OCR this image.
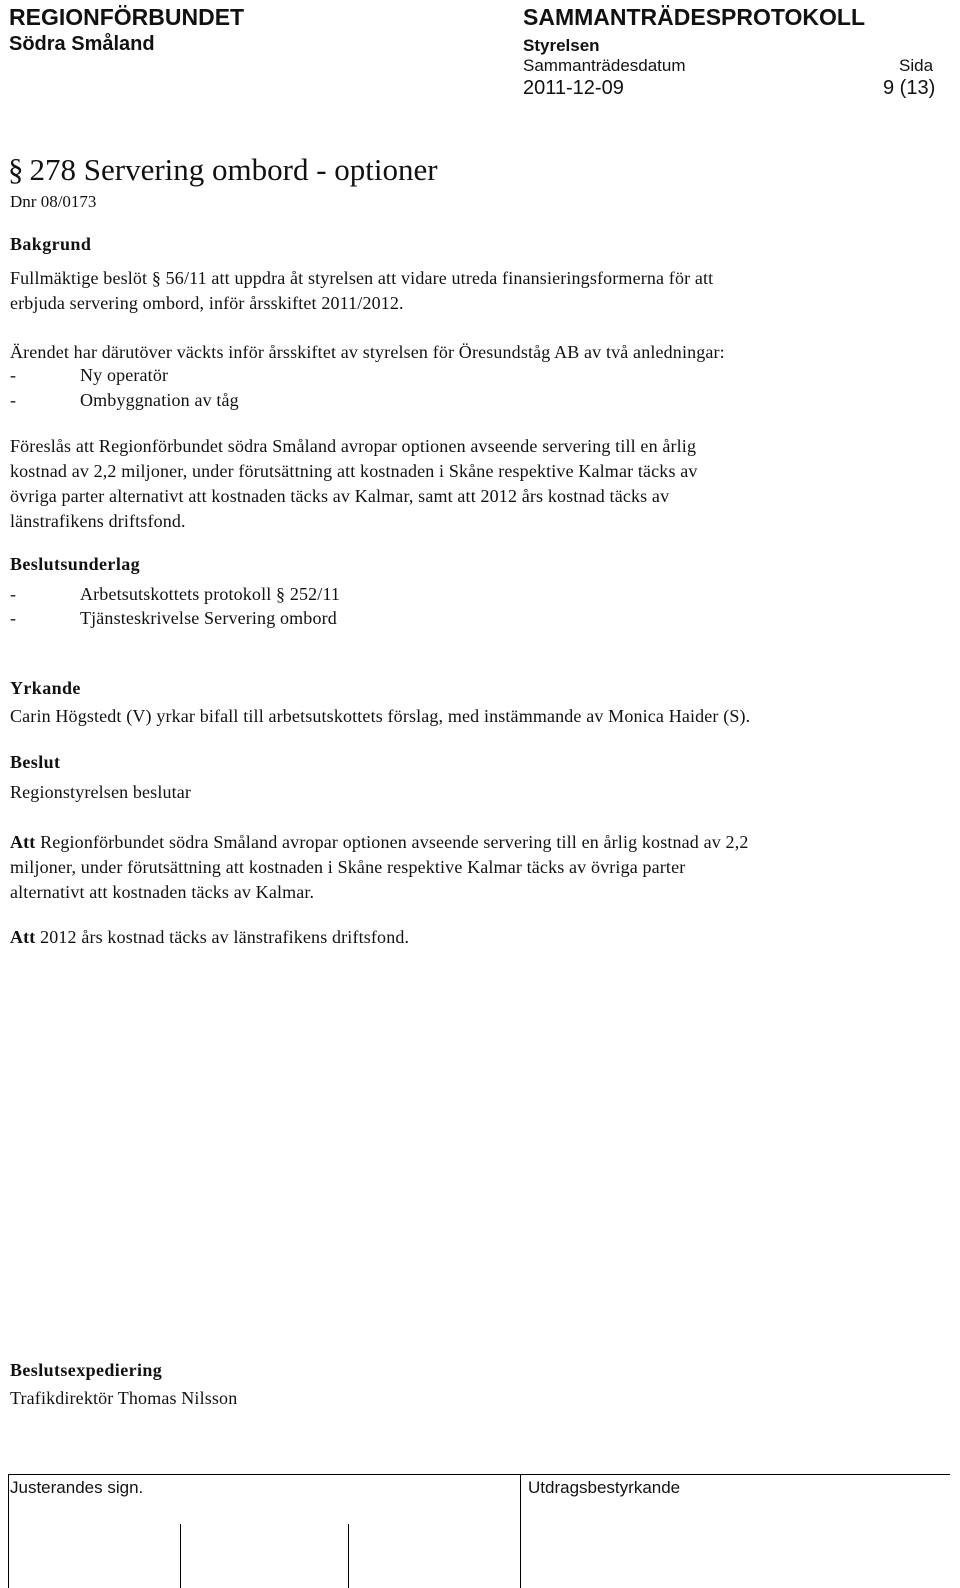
REGIONFÖRBUNDET
Södra Småland
SAMMANTRÄDESPROTOKOLL
Styrelsen
Sammanträdesdatum	Sida
2011-12-09	9 (13)
§ 278 Servering ombord - optioner
Dnr 08/0173
Bakgrund
Fullmäktige beslöt § 56/11 att uppdra åt styrelsen att vidare utreda finansieringsformerna för att
erbjuda servering ombord, inför årsskiftet 2011/2012.
Ärendet har därutöver väckts inför årsskiftet av styrelsen för Öresundståg AB av två anledningar:
-	Ny operatör
-	Ombyggnation av tåg
Föreslås att Regionförbundet södra Småland avropar optionen avseende servering till en årlig
kostnad av 2,2 miljoner, under förutsättning att kostnaden i Skåne respektive Kalmar täcks av
övriga parter alternativt att kostnaden täcks av Kalmar, samt att 2012 års kostnad täcks av
länstrafikens driftsfond.
Beslutsunderlag
-	Arbetsutskottets protokoll § 252/11
-	Tjänsteskrivelse Servering ombord
Yrkande
Carin Högstedt (V) yrkar bifall till arbetsutskottets förslag, med instämmande av Monica Haider (S).
Beslut
Regionstyrelsen beslutar
Att Regionförbundet södra Småland avropar optionen avseende servering till en årlig kostnad av 2,2
miljoner, under förutsättning att kostnaden i Skåne respektive Kalmar täcks av övriga parter
alternativt att kostnaden täcks av Kalmar.
Att 2012 års kostnad täcks av länstrafikens driftsfond.
Beslutsexpediering
Trafikdirektör Thomas Nilsson
Justerandes sign.	Utdragsbestyrkande
